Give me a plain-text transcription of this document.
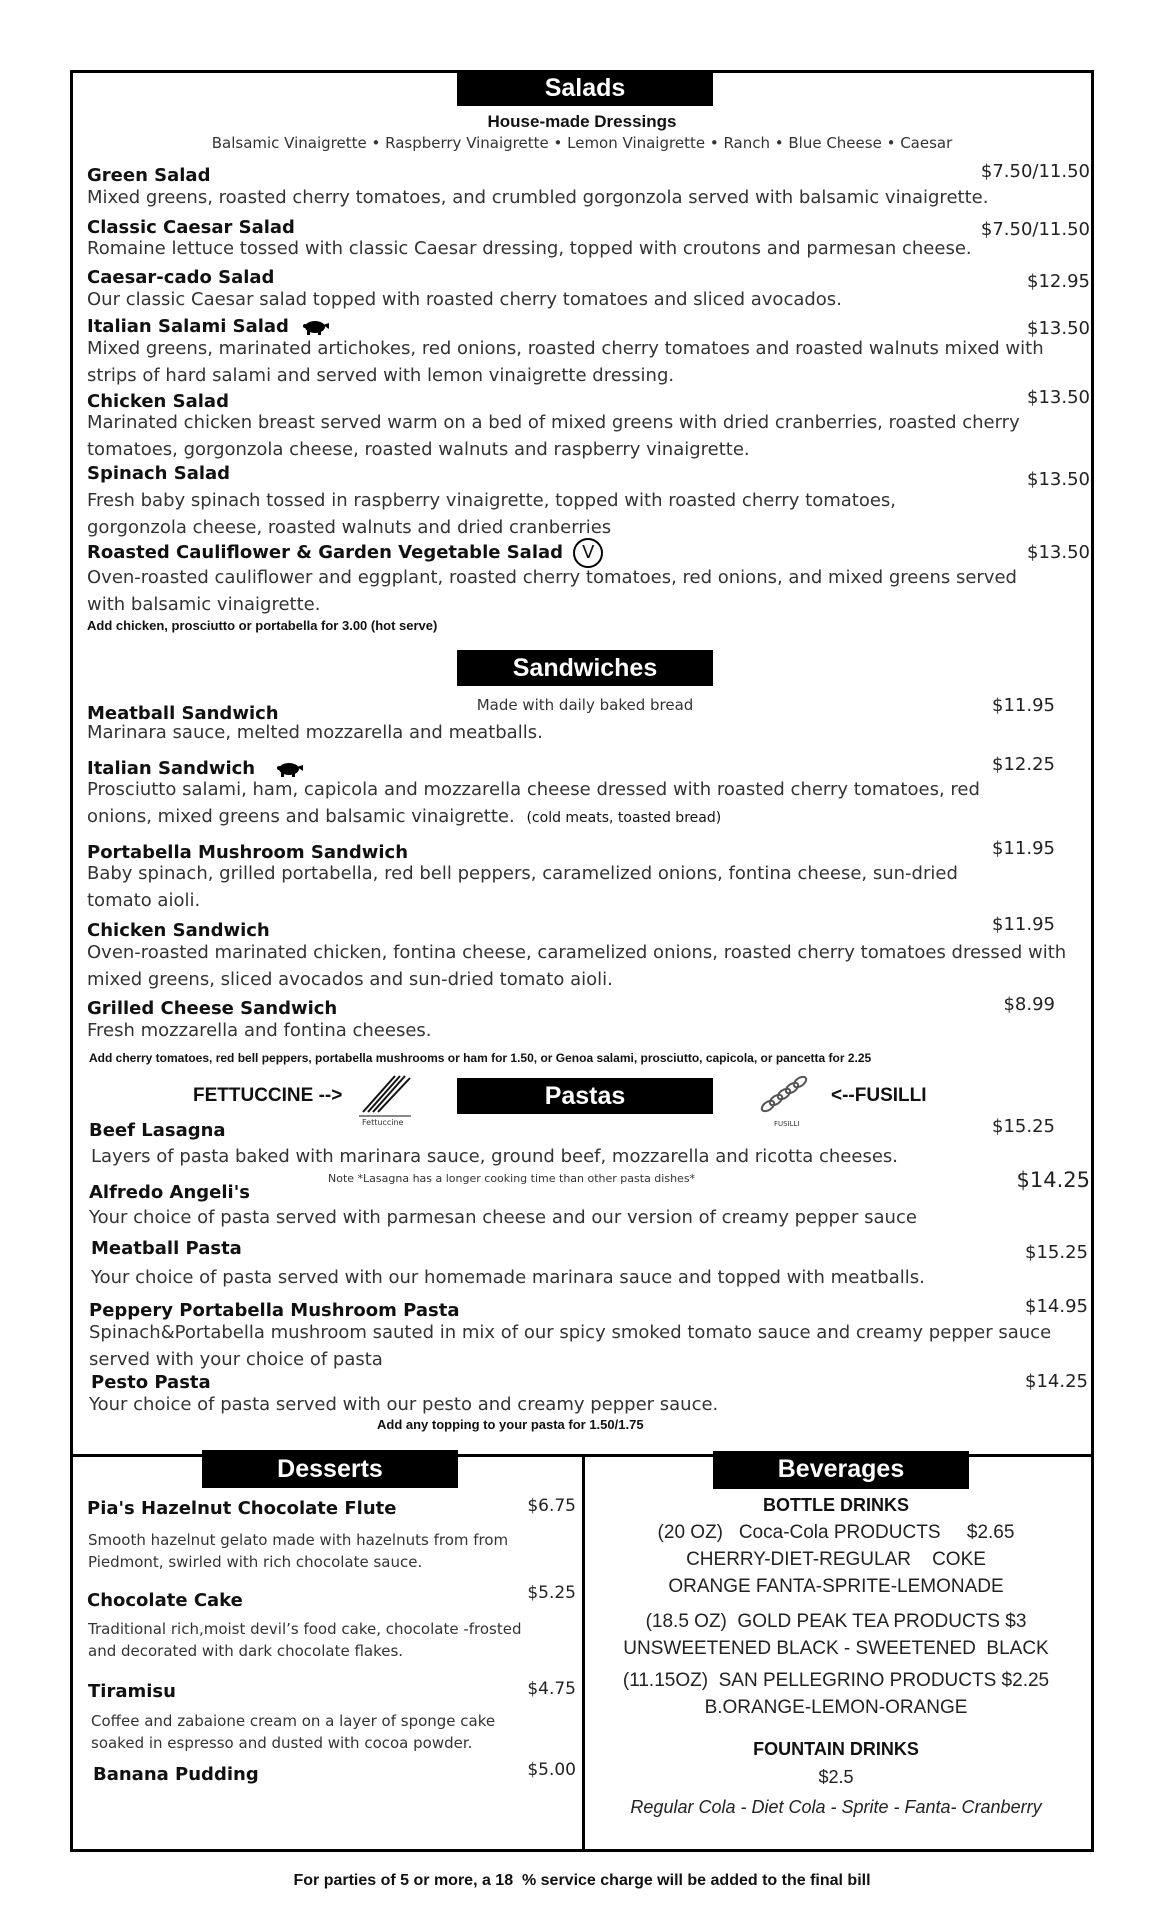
Salads
House-made Dressings
Balsamic Vinaigrette • Raspberry Vinaigrette • Lemon Vinaigrette • Ranch • Blue Cheese • Caesar
Green Salad	$7.50/11.50
Mixed greens, roasted cherry tomatoes, and crumbled gorgonzola served with balsamic vinaigrette.
Classic Caesar Salad	$7.50/11.50
Romaine lettuce tossed with classic Caesar dressing, topped with croutons and parmesan cheese.
Caesar-cado Salad	$12.95
Our classic Caesar salad topped with roasted cherry tomatoes and sliced avocados.
Italian Salami Salad	$13.50
Mixed greens, marinated artichokes, red onions, roasted cherry tomatoes and roasted walnuts mixed with strips of hard salami and served with lemon vinaigrette dressing.
Chicken Salad	$13.50
Marinated chicken breast served warm on a bed of mixed greens with dried cranberries, roasted cherry tomatoes, gorgonzola cheese, roasted walnuts and raspberry vinaigrette.
Spinach Salad	$13.50
Fresh baby spinach tossed in raspberry vinaigrette, topped with roasted cherry tomatoes, gorgonzola cheese, roasted walnuts and dried cranberries
Roasted Cauliflower & Garden Vegetable Salad V	$13.50
Oven-roasted cauliflower and eggplant, roasted cherry tomatoes, red onions, and mixed greens served with balsamic vinaigrette.
Add chicken, prosciutto or portabella for 3.00 (hot serve)
Sandwiches
Made with daily baked bread
Meatball Sandwich	$11.95
Marinara sauce, melted mozzarella and meatballs.
Italian Sandwich	$12.25
Prosciutto salami, ham, capicola and mozzarella cheese dressed with roasted cherry tomatoes, red onions, mixed greens and balsamic vinaigrette. (cold meats, toasted bread)
Portabella Mushroom Sandwich	$11.95
Baby spinach, grilled portabella, red bell peppers, caramelized onions, fontina cheese, sun-dried tomato aioli.
Chicken Sandwich	$11.95
Oven-roasted marinated chicken, fontina cheese, caramelized onions, roasted cherry tomatoes dressed with mixed greens, sliced avocados and sun-dried tomato aioli.
Grilled Cheese Sandwich	$8.99
Fresh mozzarella and fontina cheeses.
Add cherry tomatoes, red bell peppers, portabella mushrooms or ham for 1.50, or Genoa salami, prosciutto, capicola, or pancetta for 2.25
Pastas
FETTUCCINE -->
Fettuccine	FUSILLI
<--FUSILLI
Beef Lasagna	$15.25
Layers of pasta baked with marinara sauce, ground beef, mozzarella and ricotta cheeses.
Note *Lasagna has a longer cooking time than other pasta dishes*
Alfredo Angeli's
$14.25
Your choice of pasta served with parmesan cheese and our version of creamy pepper sauce
Meatball Pasta	$15.25
Your choice of pasta served with our homemade marinara sauce and topped with meatballs.
Peppery Portabella Mushroom Pasta	$14.95
Spinach&Portabella mushroom sauted in mix of our spicy smoked tomato sauce and creamy pepper sauce served with your choice of pasta
Pesto Pasta	$14.25
Your choice of pasta served with our pesto and creamy pepper sauce.
Add any topping to your pasta for 1.50/1.75
Desserts
Pia's Hazelnut Chocolate Flute	$6.75
Smooth hazelnut gelato made with hazelnuts from from Piedmont, swirled with rich chocolate sauce.
Chocolate Cake	$5.25
Traditional rich,moist devil’s food cake, chocolate -frosted and decorated with dark chocolate flakes.
Tiramisu	$4.75
Coffee and zabaione cream on a layer of sponge cake soaked in espresso and dusted with cocoa powder.
Banana Pudding	$5.00
Beverages
BOTTLE DRINKS
(20 OZ)   Coca-Cola PRODUCTS     $2.65
CHERRY-DIET-REGULAR    COKE
ORANGE FANTA-SPRITE-LEMONADE
(18.5 OZ)  GOLD PEAK TEA PRODUCTS $3
UNSWEETENED BLACK - SWEETENED  BLACK
(11.15OZ)  SAN PELLEGRINO PRODUCTS $2.25
B.ORANGE-LEMON-ORANGE
FOUNTAIN DRINKS
$2.5
Regular Cola - Diet Cola - Sprite - Fanta- Cranberry
For parties of 5 or more, a 18  % service charge will be added to the final bill
